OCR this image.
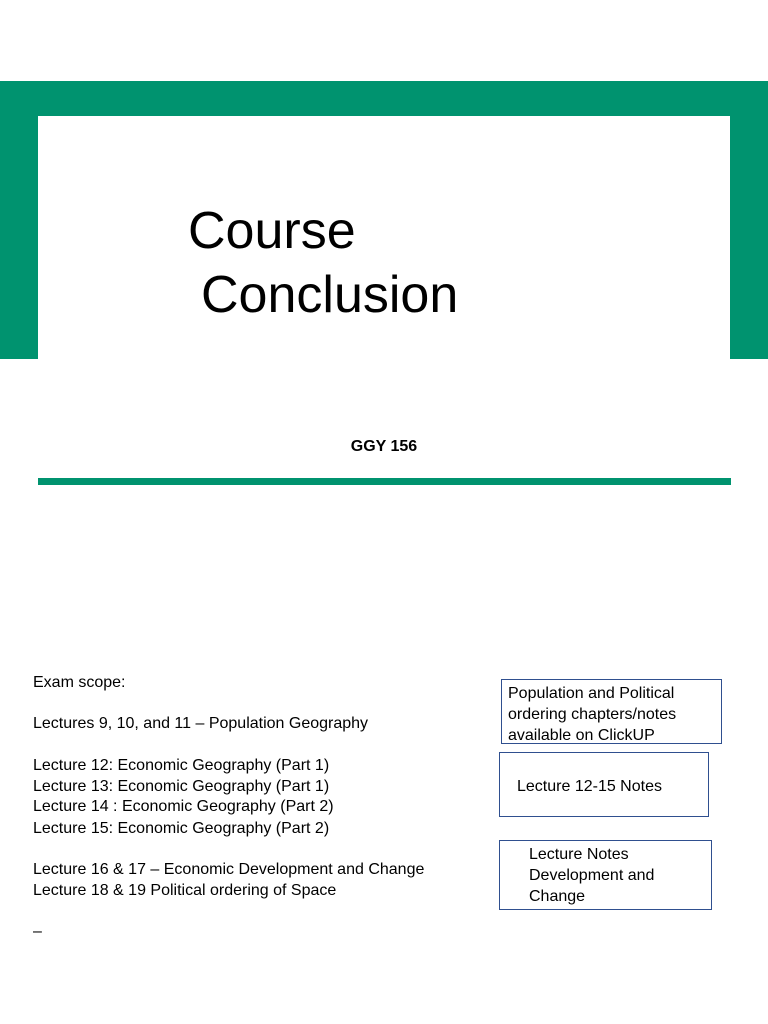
Course
Conclusion
GGY 156
Exam scope:
Lectures 9, 10, and 11 – Population Geography
Lecture 12: Economic Geography (Part 1)
Lecture 13: Economic Geography (Part 1)
Lecture 14 : Economic Geography (Part 2)
Lecture 15: Economic Geography (Part 2)
Lecture 16 & 17 – Economic Development and Change
Lecture 18 & 19 Political ordering of Space
–
Population and Political
ordering chapters/notes
available on ClickUP
Lecture 12-15 Notes
Lecture Notes
Development and
Change
